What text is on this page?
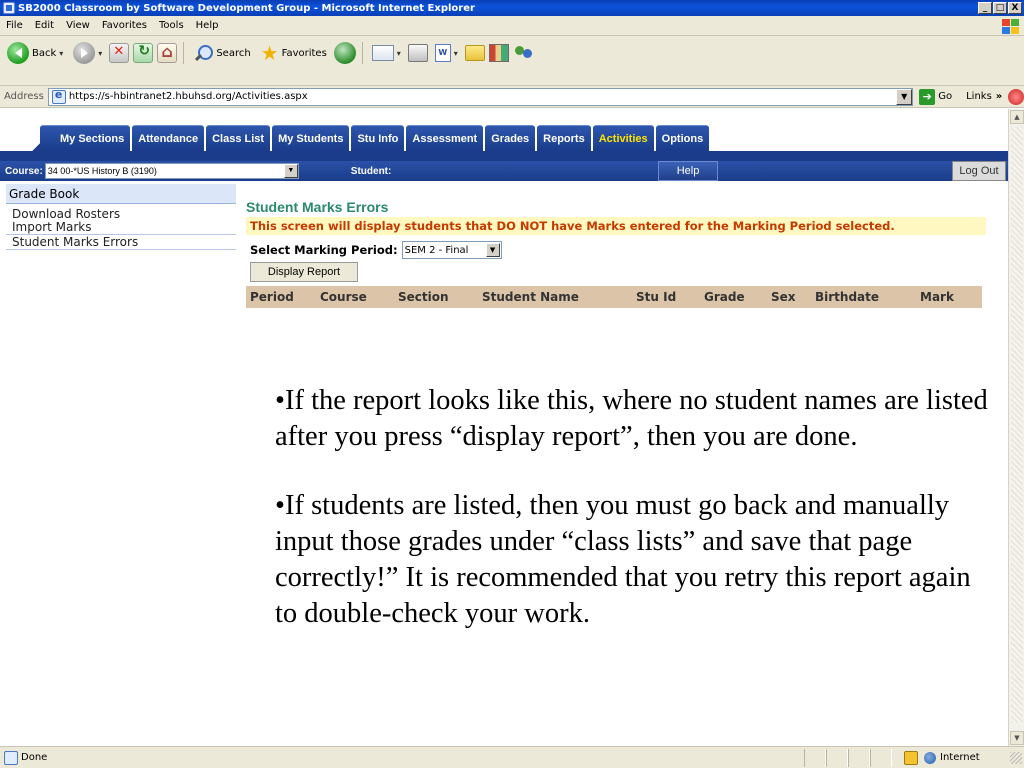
SB2000 Classroom by Software Development Group - Microsoft Internet Explorer	_ □ X
File	Edit	View	Favorites	Tools	Help
Back ▾	▾ ✕ ↻ ⌂	Search ★ Favorites	▾	W ▾
Address e	https://s-hbintranet2.hbuhsd.org/Activities.aspx	▼	➔ Go Links »
My Sections	Attendance	Class List	My Students	Stu Info	Assessment	Grades	Reports	Activities	Options
Course: 34 00-*US History B (3190)	▼	Student:	Help	Log Out
Grade Book
Download Rosters
Import Marks
Student Marks Errors
Student Marks Errors
This screen will display students that DO NOT have Marks entered for the Marking Period selected.
Select Marking Period: SEM 2 - Final	▼
Display Report
Period	Course	Section	Student Name	Stu Id	Grade	Sex	Birthdate	Mark
▲
▼

•If the report looks like this, where no student names are listed after you press “display report”, then you are done.

•If students are listed, then you must go back and manually input those grades under “class lists” and save that page correctly!” It is recommended that you retry this report again to double-check your work.

Done	Internet
